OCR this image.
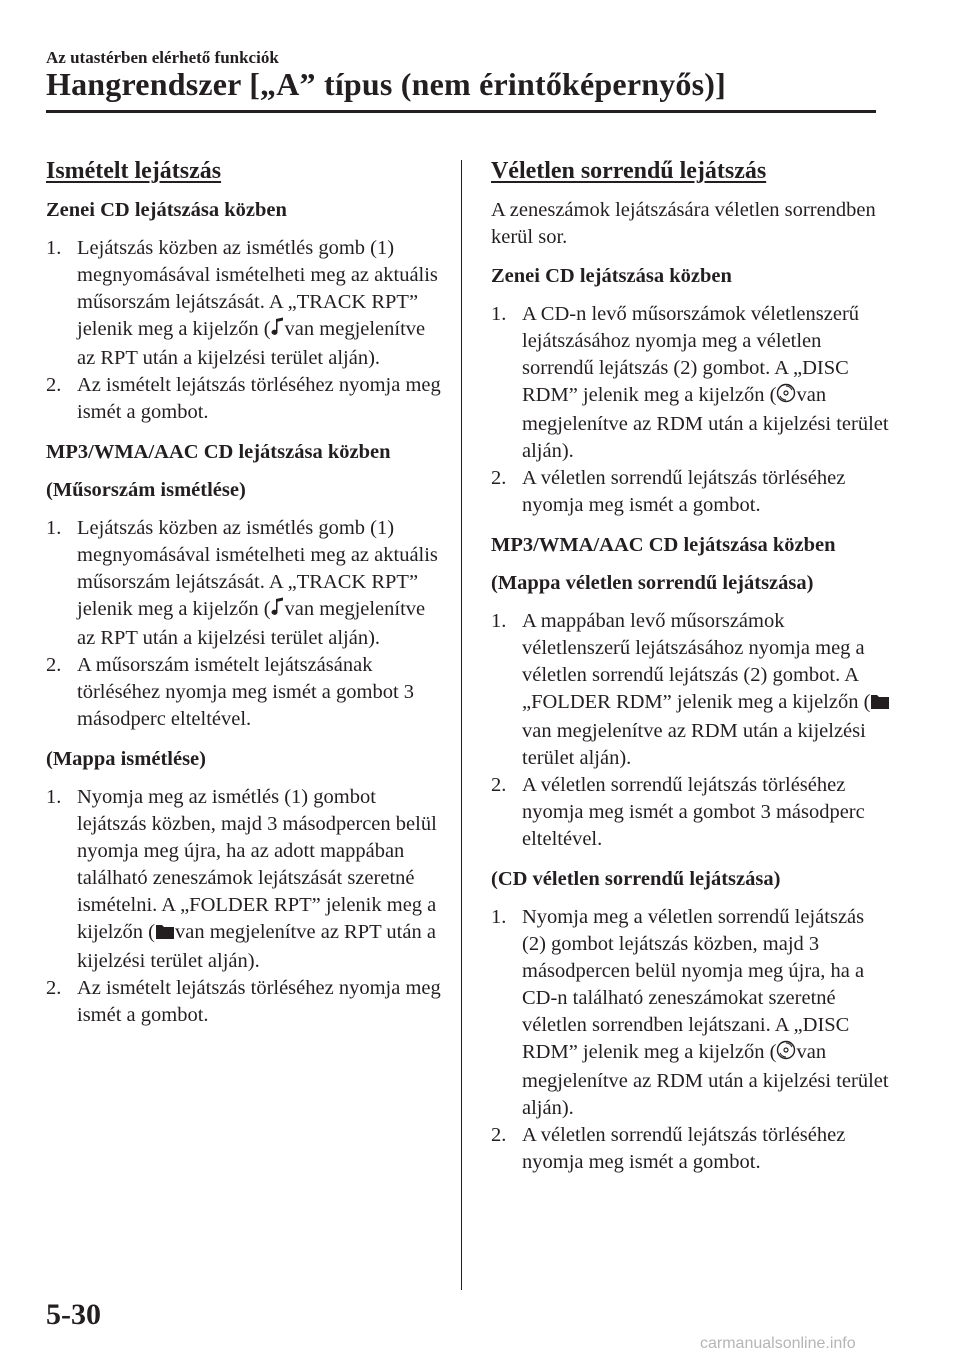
Az utastérben elérhető funkciók
Hangrendszer [„A” típus (nem érintőképernyős)]
Ismételt lejátszás
Zenei CD lejátszása közben
1. Lejátszás közben az ismétlés gomb (1) megnyomásával ismételheti meg az aktuális műsorszám lejátszását. A „TRACK RPT” jelenik meg a kijelzőn ( van megjelenítve az RPT után a kijelzési terület alján).
2. Az ismételt lejátszás törléséhez nyomja meg ismét a gombot.
MP3/WMA/AAC CD lejátszása közben
(Műsorszám ismétlése)
1. Lejátszás közben az ismétlés gomb (1) megnyomásával ismételheti meg az aktuális műsorszám lejátszását. A „TRACK RPT” jelenik meg a kijelzőn ( van megjelenítve az RPT után a kijelzési terület alján).
2. A műsorszám ismételt lejátszásának törléséhez nyomja meg ismét a gombot 3 másodperc elteltével.
(Mappa ismétlése)
1. Nyomja meg az ismétlés (1) gombot lejátszás közben, majd 3 másodpercen belül nyomja meg újra, ha az adott mappában található zeneszámok lejátszását szeretné ismételni. A „FOLDER RPT” jelenik meg a kijelzőn ( van megjelenítve az RPT után a kijelzési terület alján).
2. Az ismételt lejátszás törléséhez nyomja meg ismét a gombot.
Véletlen sorrendű lejátszás
A zeneszámok lejátszására véletlen sorrendben kerül sor.
Zenei CD lejátszása közben
1. A CD-n levő műsorszámok véletlenszerű lejátszásához nyomja meg a véletlen sorrendű lejátszás (2) gombot. A „DISC RDM” jelenik meg a kijelzőn ( van megjelenítve az RDM után a kijelzési terület alján).
2. A véletlen sorrendű lejátszás törléséhez nyomja meg ismét a gombot.
MP3/WMA/AAC CD lejátszása közben
(Mappa véletlen sorrendű lejátszása)
1. A mappában levő műsorszámok véletlenszerű lejátszásához nyomja meg a véletlen sorrendű lejátszás (2) gombot. A „FOLDER RDM” jelenik meg a kijelzőn (van megjelenítve az RDM után a kijelzési terület alján).
2. A véletlen sorrendű lejátszás törléséhez nyomja meg ismét a gombot 3 másodperc elteltével.
(CD véletlen sorrendű lejátszása)
1. Nyomja meg a véletlen sorrendű lejátszás (2) gombot lejátszás közben, majd 3 másodpercen belül nyomja meg újra, ha a CD-n található zeneszámokat szeretné véletlen sorrendben lejátszani. A „DISC RDM” jelenik meg a kijelzőn ( van megjelenítve az RDM után a kijelzési terület alján).
2. A véletlen sorrendű lejátszás törléséhez nyomja meg ismét a gombot.
5-30
carmanualsonline.info
